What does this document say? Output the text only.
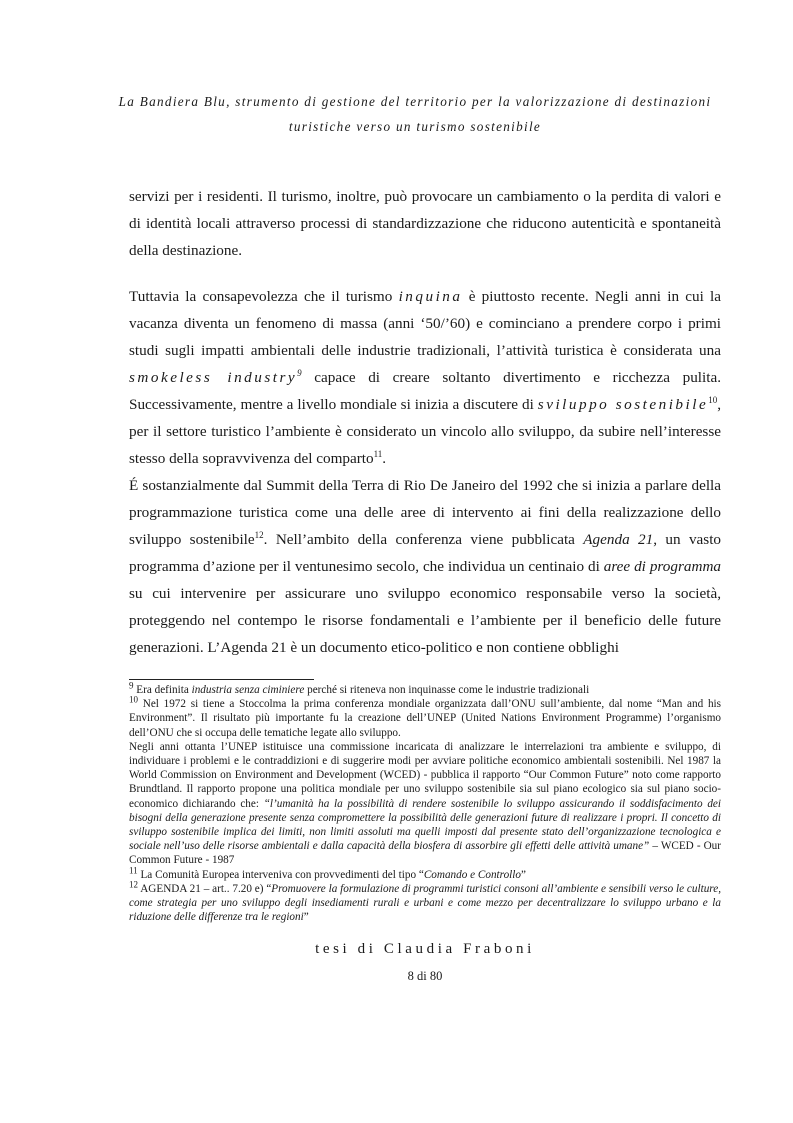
La Bandiera Blu, strumento di gestione del territorio per la valorizzazione di destinazioni
turistiche verso un turismo sostenibile

servizi per i residenti. Il turismo, inoltre, può provocare un cambiamento o la perdita di valori e di identità locali attraverso processi di standardizzazione che riducono autenticità e spontaneità della destinazione.

Tuttavia la consapevolezza che il turismo inquina è piuttosto recente. Negli anni in cui la vacanza diventa un fenomeno di massa (anni ‘50/’60) e cominciano a prendere corpo i primi studi sugli impatti ambientali delle industrie tradizionali, l’attività turistica è considerata una smokeless industry$^9$ capace di creare soltanto divertimento e ricchezza pulita. Successivamente, mentre a livello mondiale si inizia a discutere di sviluppo sostenibile$^{10}$, per il settore turistico l’ambiente è considerato un vincolo allo sviluppo, da subire nell’interesse stesso della sopravvivenza del comparto$^{11}$.

É sostanzialmente dal Summit della Terra di Rio De Janeiro del 1992 che si inizia a parlare della programmazione turistica come una delle aree di intervento ai fini della realizzazione dello sviluppo sostenibile$^{12}$. Nell’ambito della conferenza viene pubblicata Agenda 21, un vasto programma d’azione per il ventunesimo secolo, che individua un centinaio di aree di programma su cui intervenire per assicurare uno sviluppo economico responsabile verso la società, proteggendo nel contempo le risorse fondamentali e l’ambiente per il beneficio delle future generazioni. L’Agenda 21 è un documento etico-politico e non contiene obblighi

$^9$ Era definita industria senza ciminiere perché si riteneva non inquinasse come le industrie tradizionali

$^{10}$ Nel 1972 si tiene a Stoccolma la prima conferenza mondiale organizzata dall’ONU sull’ambiente, dal nome “Man and his Environment”. Il risultato più importante fu la creazione dell’UNEP (United Nations Environment Programme) l’organismo dell’ONU che si occupa delle tematiche legate allo sviluppo.

Negli anni ottanta l’UNEP istituisce una commissione incaricata di analizzare le interrelazioni tra ambiente e sviluppo, di individuare i problemi e le contraddizioni e di suggerire modi per avviare politiche economico ambientali sostenibili. Nel 1987 la World Commission on Environment and Development (WCED) - pubblica il rapporto “Our Common Future” noto come rapporto Brundtland. Il rapporto propone una politica mondiale per uno sviluppo sostenibile sia sul piano ecologico sia sul piano socio-economico dichiarando che: “l’umanità ha la possibilità di rendere sostenibile lo sviluppo assicurando il soddisfacimento dei bisogni della generazione presente senza compromettere la possibilità delle generazioni future di realizzare i propri. Il concetto di sviluppo sostenibile implica dei limiti, non limiti assoluti ma quelli imposti dal presente stato dell’organizzazione tecnologica e sociale nell’uso delle risorse ambientali e dalla capacità della biosfera di assorbire gli effetti delle attività umane” – WCED - Our Common Future - 1987

$^{11}$ La Comunità Europea interveniva con provvedimenti del tipo “Comando e Controllo”

$^{12}$ AGENDA 21 – art.. 7.20 e) “Promuovere la formulazione di programmi turistici consoni all’ambiente e sensibili verso le culture, come strategia per uno sviluppo degli insediamenti rurali e urbani e come mezzo per decentralizzare lo sviluppo urbano e la riduzione delle differenze tra le regioni”

tesi di Claudia Fraboni
8 di 80
